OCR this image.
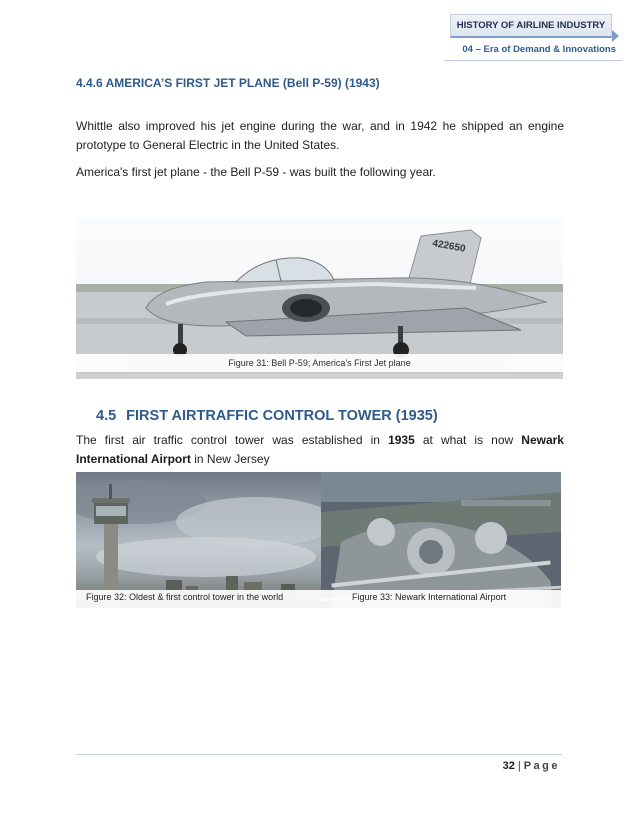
HISTORY OF AIRLINE INDUSTRY
04 – Era of Demand & Innovations
4.4.6 AMERICA’S FIRST JET PLANE (Bell P-59) (1943)

Whittle also improved his jet engine during the war, and in 1942 he shipped an engine prototype to General Electric in the United States.

America's first jet plane - the Bell P-59 - was built the following year.

422650
Figure 31: Bell P-59; America’s First Jet plane
4.5 FIRST AIRTRAFFIC CONTROL TOWER (1935)

The first air traffic control tower was established in 1935 at what is now Newark International Airport in New Jersey

Figure 32: Oldest & first control tower in the world	Figure 33: Newark International Airport
32 | Page
